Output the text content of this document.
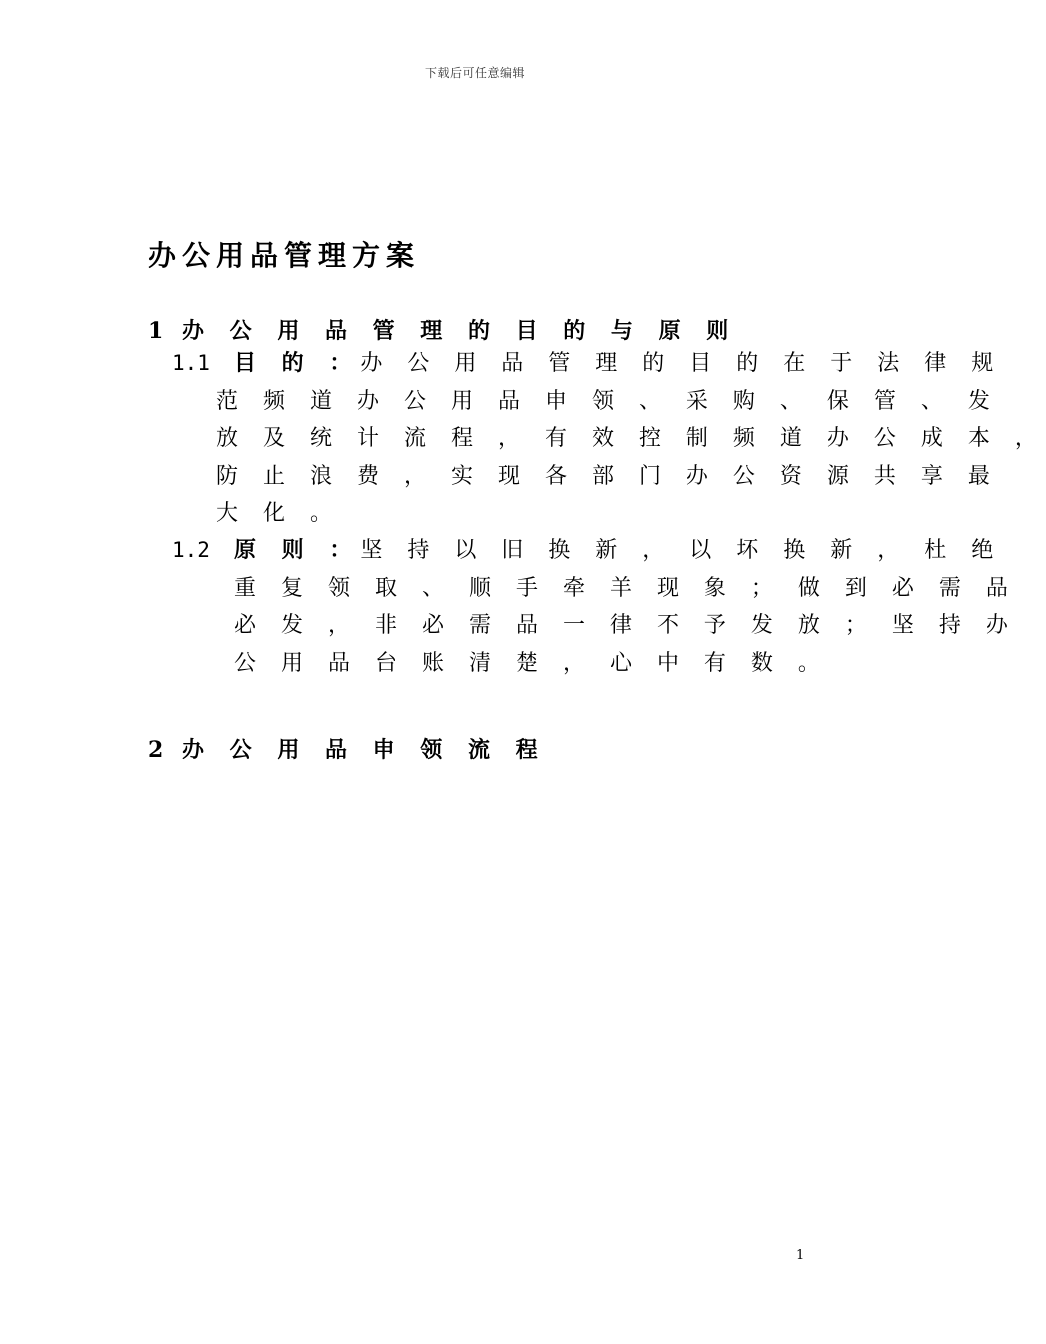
下载后可任意编辑
办公用品管理方案
1 办 公 用 品 管 理 的 目 的 与 原 则
1.1 目 的 ：办 公 用 品 管 理 的 目 的 在 于 法 律 规
范 频 道 办 公 用 品 申 领 、 采 购 、 保 管 、 发
放 及 统 计 流 程 ， 有 效 控 制 频 道 办 公 成 本 ，
防 止 浪 费 ， 实 现 各 部 门 办 公 资 源 共 享 最
大 化 。
1.2 原 则 ：坚 持 以 旧 换 新 ， 以 坏 换 新 ， 杜 绝
重 复 领 取 、 顺 手 牵 羊 现 象 ； 做 到 必 需 品
必 发 ， 非 必 需 品 一 律 不 予 发 放 ； 坚 持 办
公 用 品 台 账 清 楚 ， 心 中 有 数 。
2 办 公 用 品 申 领 流 程
1
